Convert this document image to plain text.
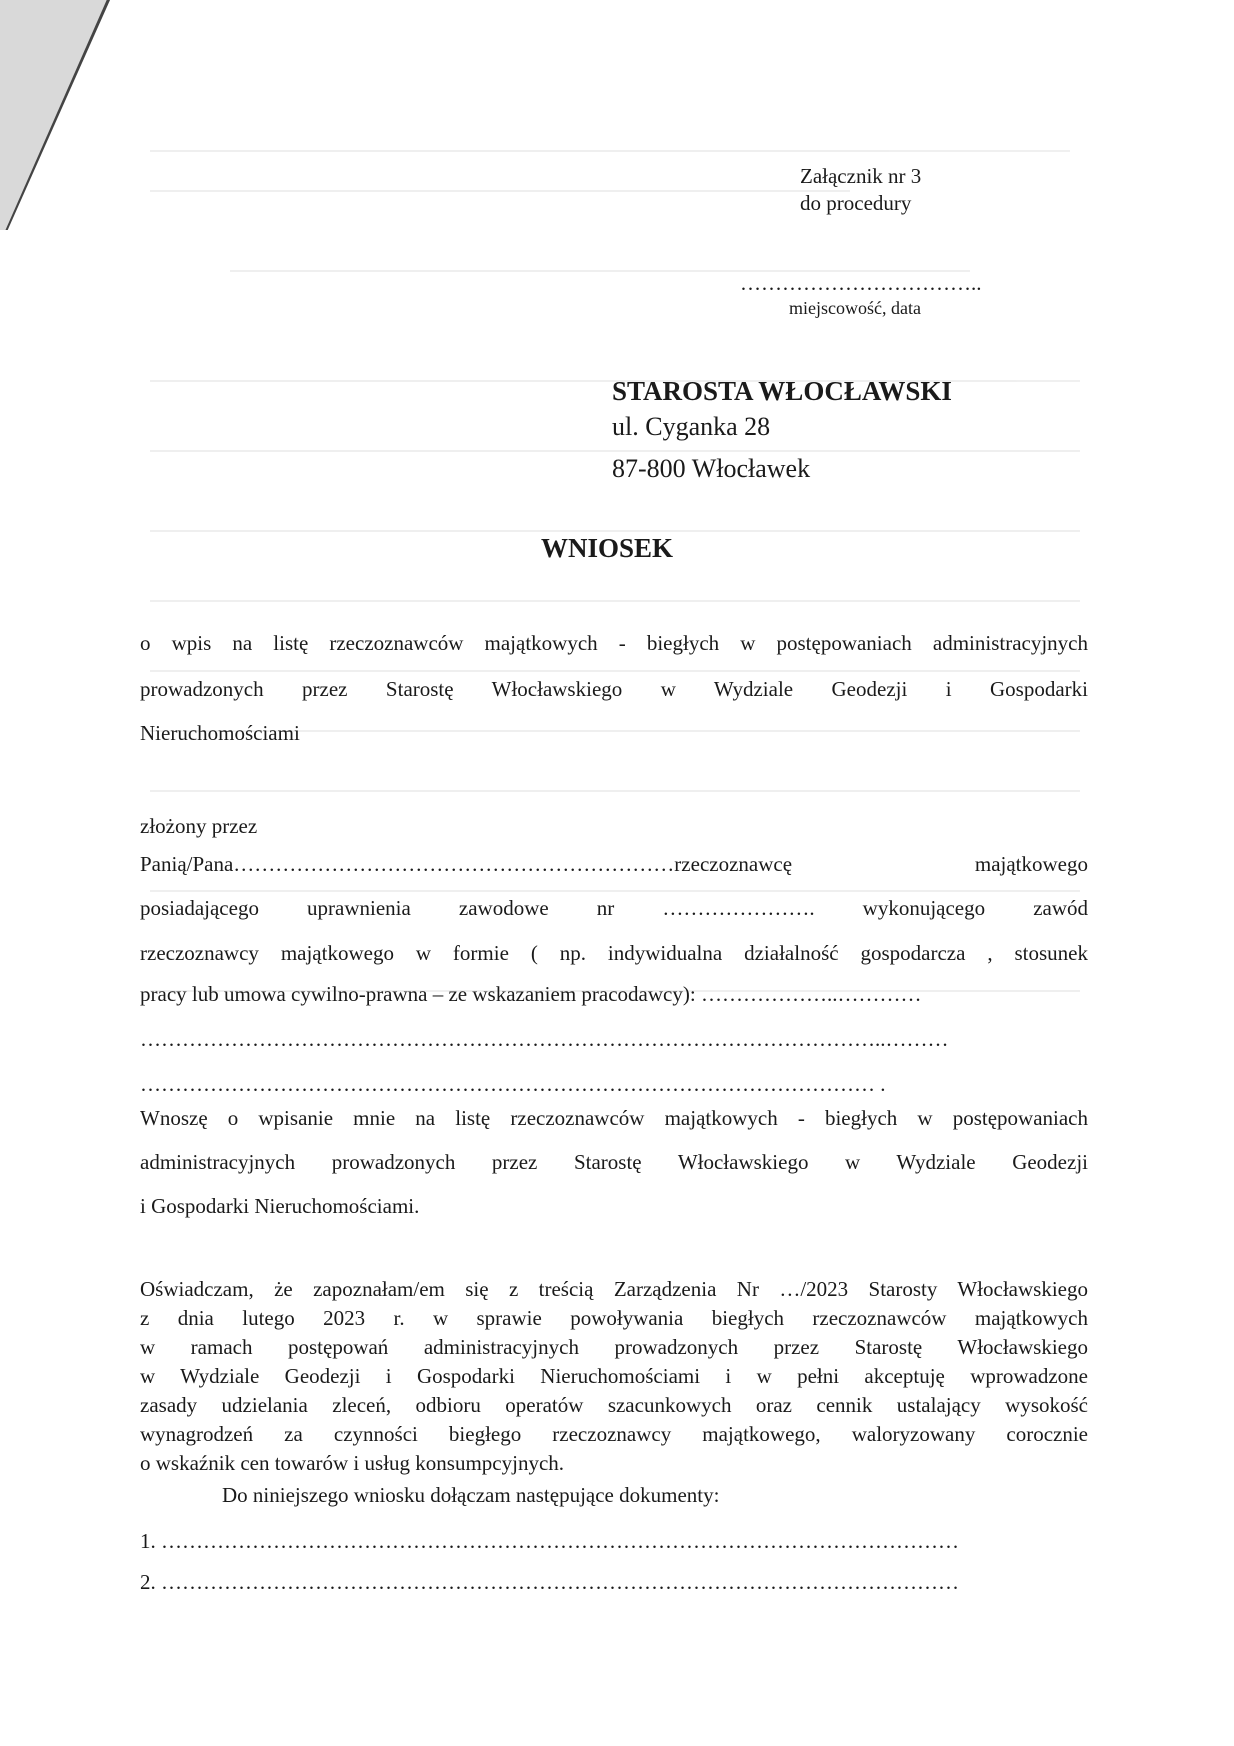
Załącznik nr 3
do procedury
……………………………..
miejscowość, data
STAROSTA WŁOCŁAWSKI
ul. Cyganka 28
87-800 Włocławek
WNIOSEK
o wpis na listę rzeczoznawców majątkowych - biegłych w postępowaniach administracyjnych
prowadzonych przez Starostę Włocławskiego w Wydziale Geodezji i Gospodarki
Nieruchomościami
złożony przez
Panią/Pana………………………………………………………rzeczoznawcę majątkowego
posiadającego uprawnienia zawodowe nr …………………. wykonującego zawód
rzeczoznawcy majątkowego w formie ( np. indywidualna działalność gospodarcza , stosunek
pracy lub umowa cywilno-prawna – ze wskazaniem pracodawcy): ………………..…………
……………………………………………………………………………………………..………
…………………………………………………………………………………………… .
Wnoszę o wpisanie mnie na listę rzeczoznawców majątkowych - biegłych w postępowaniach
administracyjnych prowadzonych przez Starostę Włocławskiego w Wydziale Geodezji
i Gospodarki Nieruchomościami.
Oświadczam, że zapoznałam/em się z treścią Zarządzenia Nr …/2023 Starosty Włocławskiego
z dnia lutego 2023 r. w sprawie powoływania biegłych rzeczoznawców majątkowych
w ramach postępowań administracyjnych prowadzonych przez Starostę Włocławskiego
w Wydziale Geodezji i Gospodarki Nieruchomościami i w pełni akceptuję wprowadzone
zasady udzielania zleceń, odbioru operatów szacunkowych oraz cennik ustalający wysokość
wynagrodzeń za czynności biegłego rzeczoznawcy majątkowego, waloryzowany corocznie
o wskaźnik cen towarów i usług konsumpcyjnych.
Do niniejszego wniosku dołączam następujące dokumenty:
1. ……………………………………………………………………………………………………
2. ……………………………………………………………………………………………………
